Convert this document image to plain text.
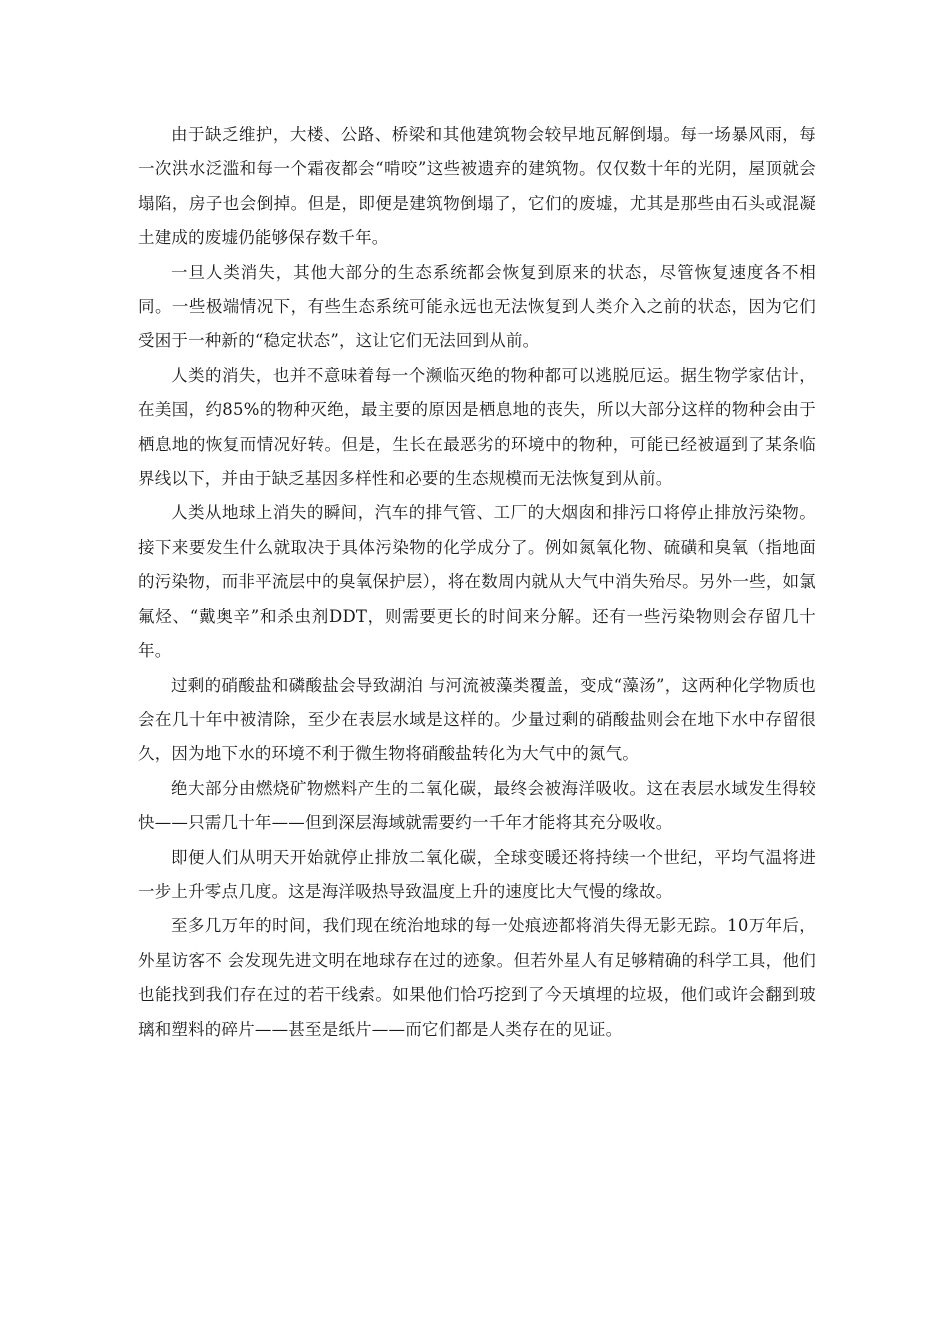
由于缺乏维护，大楼、公路、桥梁和其他建筑物会较早地瓦解倒塌。每一场暴风雨，每一次洪水泛滥和每一个霜夜都会“啃咬”这些被遗弃的建筑物。仅仅数十年的光阴，屋顶就会塌陷，房子也会倒掉。但是，即便是建筑物倒塌了，它们的废墟，尤其是那些由石头或混凝土建成的废墟仍能够保存数千年。

一旦人类消失，其他大部分的生态系统都会恢复到原来的状态，尽管恢复速度各不相同。一些极端情况下，有些生态系统可能永远也无法恢复到人类介入之前的状态，因为它们受困于一种新的“稳定状态”，这让它们无法回到从前。

人类的消失，也并不意味着每一个濒临灭绝的物种都可以逃脱厄运。据生物学家估计，在美国，约85%的物种灭绝，最主要的原因是栖息地的丧失，所以大部分这样的物种会由于栖息地的恢复而情况好转。但是，生长在最恶劣的环境中的物种，可能已经被逼到了某条临界线以下，并由于缺乏基因多样性和必要的生态规模而无法恢复到从前。

人类从地球上消失的瞬间，汽车的排气管、工厂的大烟囱和排污口将停止排放污染物。接下来要发生什么就取决于具体污染物的化学成分了。例如氮氧化物、硫磺和臭氧（指地面的污染物，而非平流层中的臭氧保护层），将在数周内就从大气中消失殆尽。另外一些，如氯氟烃、“戴奥辛”和杀虫剂DDT，则需要更长的时间来分解。还有一些污染物则会存留几十年。

过剩的硝酸盐和磷酸盐会导致湖泊 与河流被藻类覆盖，变成“藻汤”，这两种化学物质也会在几十年中被清除，至少在表层水域是这样的。少量过剩的硝酸盐则会在地下水中存留很久，因为地下水的环境不利于微生物将硝酸盐转化为大气中的氮气。

绝大部分由燃烧矿物燃料产生的二氧化碳，最终会被海洋吸收。这在表层水域发生得较快——只需几十年——但到深层海域就需要约一千年才能将其充分吸收。

即便人们从明天开始就停止排放二氧化碳，全球变暖还将持续一个世纪，平均气温将进一步上升零点几度。这是海洋吸热导致温度上升的速度比大气慢的缘故。

至多几万年的时间，我们现在统治地球的每一处痕迹都将消失得无影无踪。10万年后，外星访客不 会发现先进文明在地球存在过的迹象。但若外星人有足够精确的科学工具，他们也能找到我们存在过的若干线索。如果他们恰巧挖到了今天填埋的垃圾，他们或许会翻到玻璃和塑料的碎片——甚至是纸片——而它们都是人类存在的见证。
